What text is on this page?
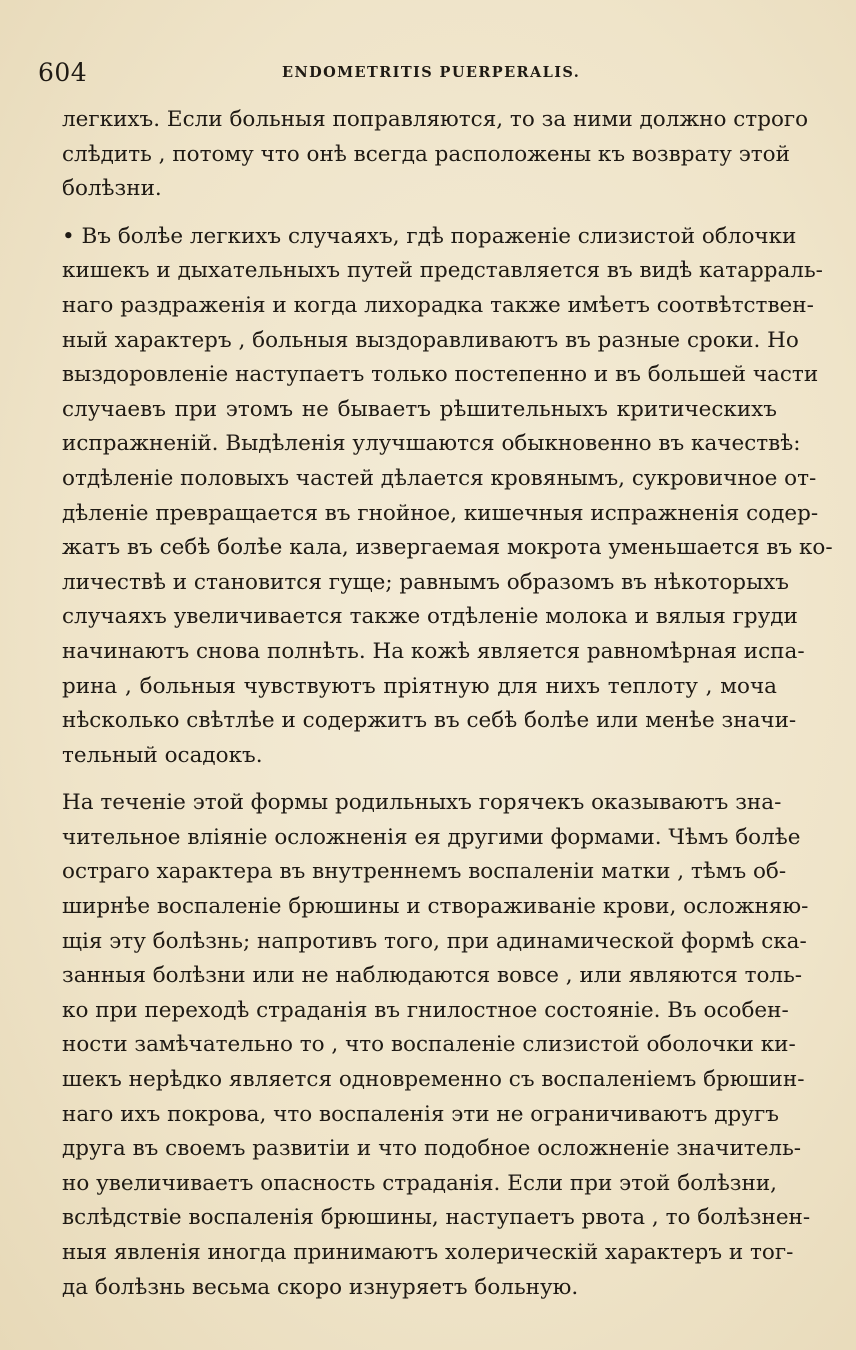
604	ENDOMETRITIS PUERPERALIS.
легкихъ. Если больныя поправляются, то за ними должно строго
слѣдить , потому что онѣ всегда расположены къ возврату этой
болѣзни.
• Въ болѣе легкихъ случаяхъ, гдѣ пораженіе слизистой облочки
кишекъ и дыхательныхъ путей представляется въ видѣ катарраль-
наго раздраженія и когда лихорадка также имѣетъ соотвѣтствен-
ный характеръ , больныя выздоравливаютъ въ разные сроки. Но
выздоровленіе наступаетъ только постепенно и въ большей части
случаевъ при этомъ не бываетъ рѣшительныхъ критическихъ
испражненій. Выдѣленія улучшаются обыкновенно въ качествѣ:
отдѣленіе половыхъ частей дѣлается кровянымъ, сукровичное от-
дѣленіе превращается въ гнойное, кишечныя испражненія содер-
жатъ въ себѣ болѣе кала, извергаемая мокрота уменьшается въ ко-
личествѣ и становится гуще; равнымъ образомъ въ нѣкоторыхъ
случаяхъ увеличивается также отдѣленіе молока и вялыя груди
начинаютъ снова полнѣть. На кожѣ является равномѣрная испа-
рина , больныя чувствуютъ пріятную для нихъ теплоту , моча
нѣсколько свѣтлѣе и содержитъ въ себѣ болѣе или менѣе значи-
тельный осадокъ.
На теченіе этой формы родильныхъ горячекъ оказываютъ зна-
чительное вліяніе осложненія ея другими формами. Чѣмъ болѣе
остраго характера въ внутреннемъ воспаленіи матки , тѣмъ об-
ширнѣе воспаленіе брюшины и створаживаніе крови, осложняю-
щія эту болѣзнь; напротивъ того, при адинамической формѣ ска-
занныя болѣзни или не наблюдаются вовсе , или являются толь-
ко при переходѣ страданія въ гнилостное состояніе. Въ особен-
ности замѣчательно то , что воспаленіе слизистой оболочки ки-
шекъ нерѣдко является одновременно съ воспаленіемъ брюшин-
наго ихъ покрова, что воспаленія эти не ограничиваютъ другъ
друга въ своемъ развитіи и что подобное осложненіе значитель-
но увеличиваетъ опасность страданія. Если при этой болѣзни,
вслѣдствіе воспаленія брюшины, наступаетъ рвота , то болѣзнен-
ныя явленія иногда принимаютъ холерическій характеръ и тог-
да болѣзнь весьма скоро изнуряетъ больную.
